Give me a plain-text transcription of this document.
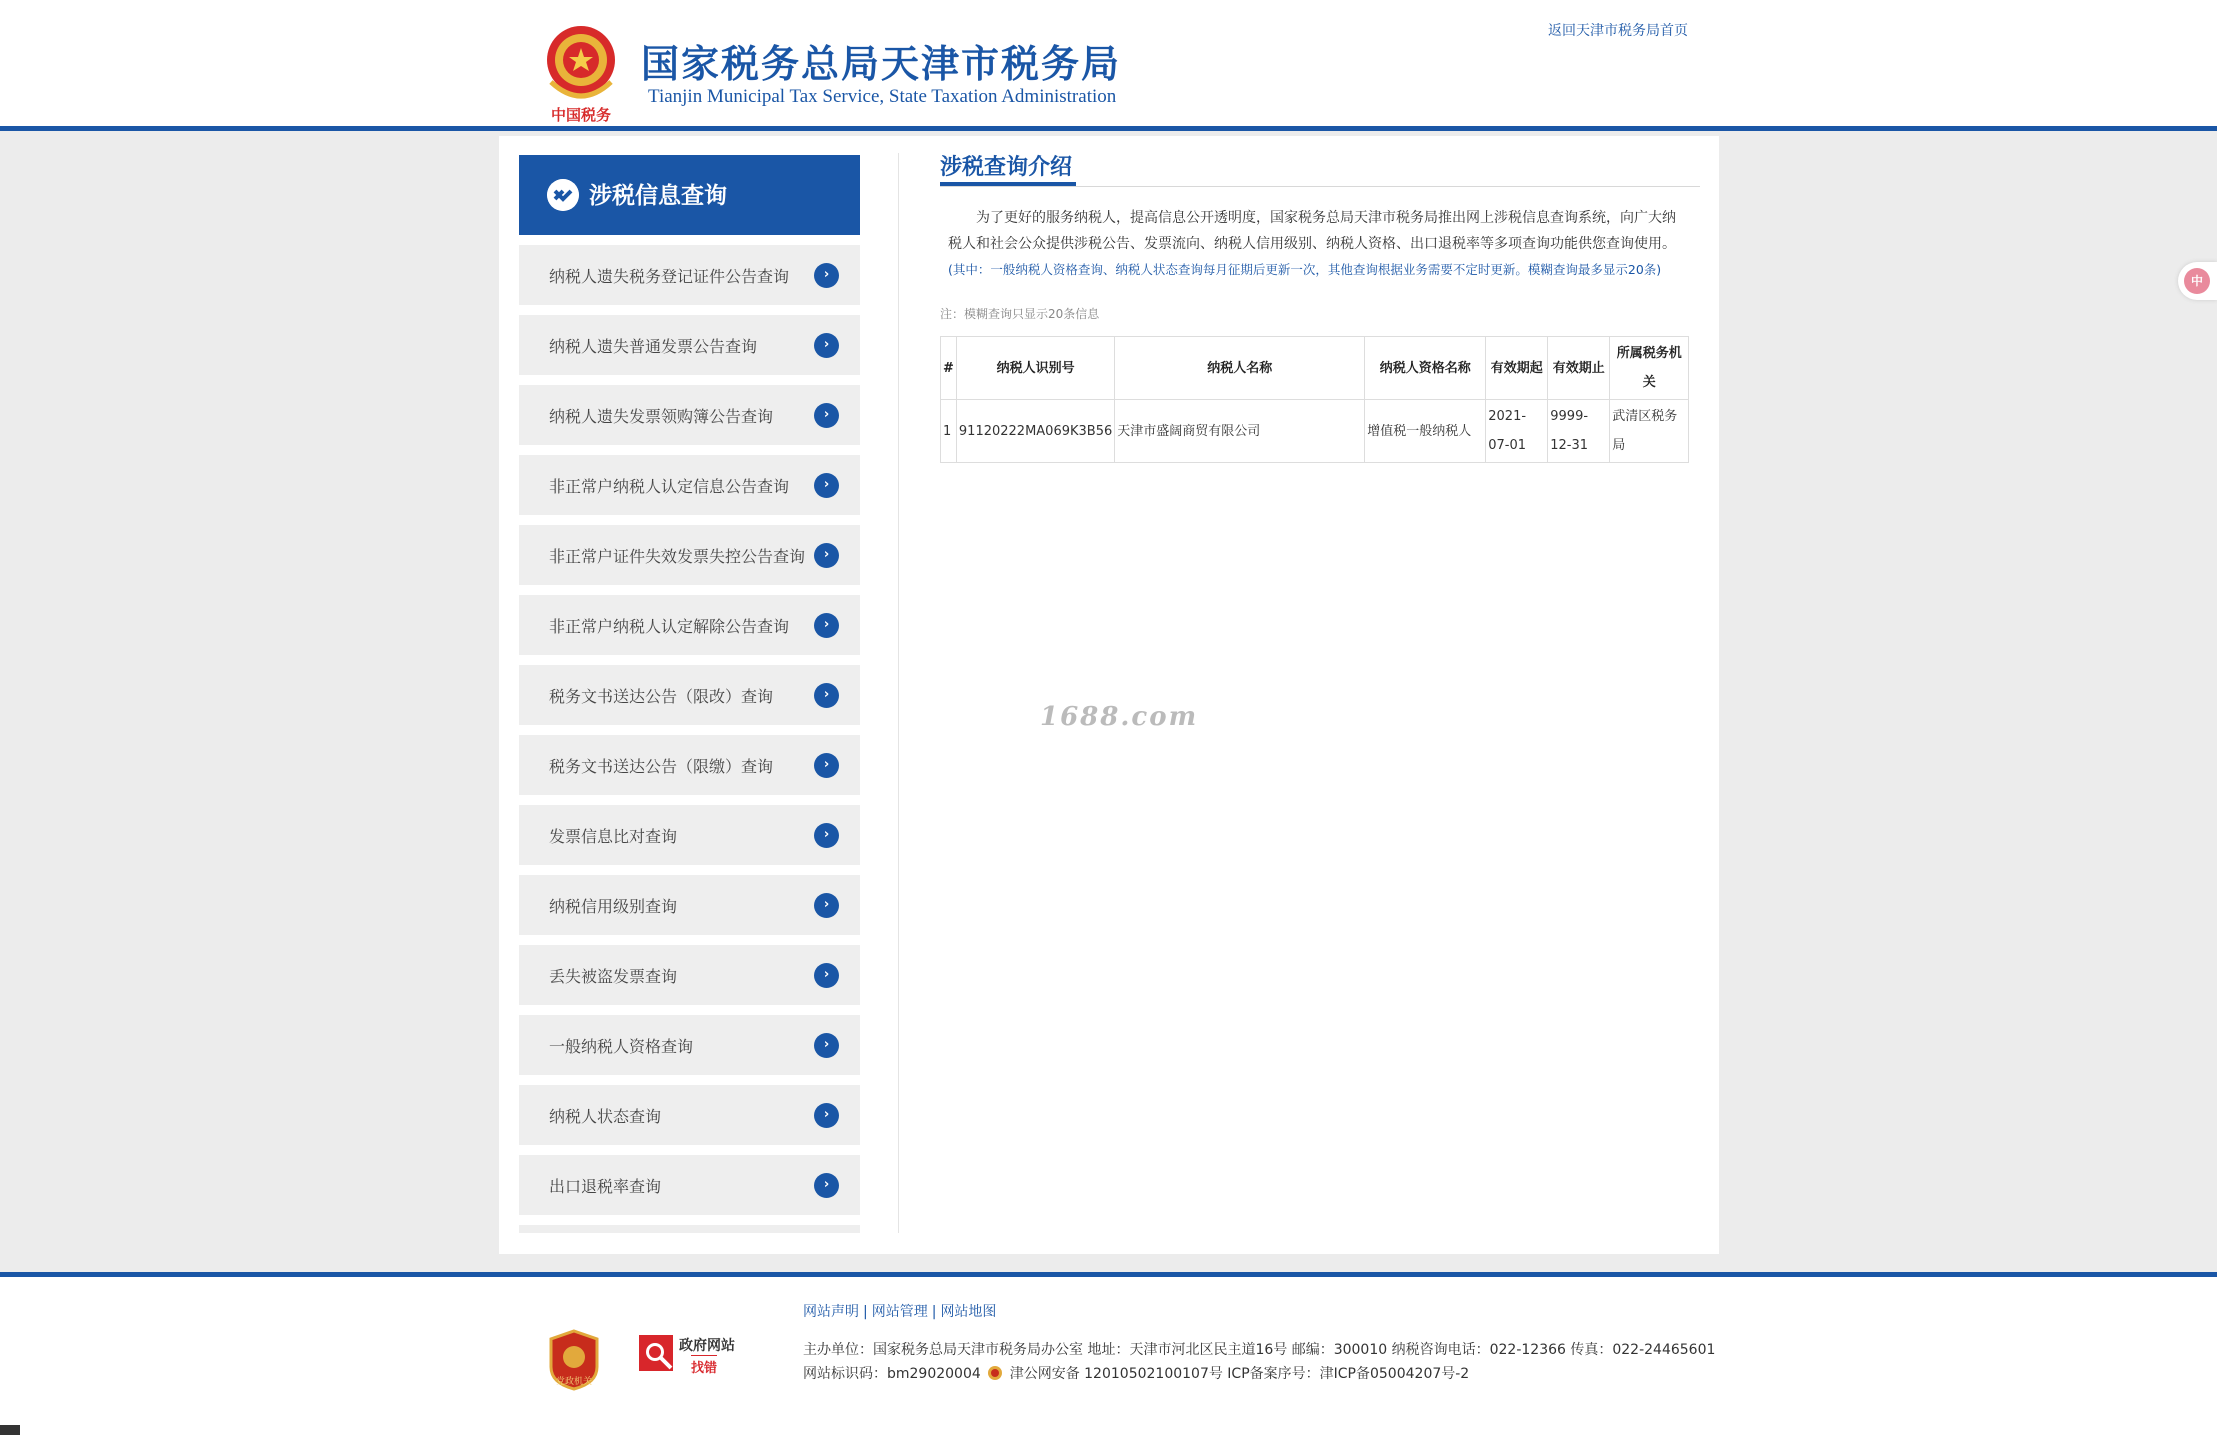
中国税务
国家税务总局天津市税务局
Tianjin Municipal Tax Service, State Taxation Administration
返回天津市税务局首页
涉税信息查询
纳税人遗失税务登记证件公告查询	›
纳税人遗失普通发票公告查询	›
纳税人遗失发票领购簿公告查询	›
非正常户纳税人认定信息公告查询	›
非正常户证件失效发票失控公告查询	›
非正常户纳税人认定解除公告查询	›
税务文书送达公告（限改）查询	›
税务文书送达公告（限缴）查询	›
发票信息比对查询	›
纳税信用级别查询	›
丢失被盗发票查询	›
一般纳税人资格查询	›
纳税人状态查询	›
出口退税率查询	›
涉税查询介绍

为了更好的服务纳税人，提高信息公开透明度，国家税务总局天津市税务局推出网上涉税信息查询系统，向广大纳税人和社会公众提供涉税公告、发票流向、纳税人信用级别、纳税人资格、出口退税率等多项查询功能供您查询使用。

(其中：一般纳税人资格查询、纳税人状态查询每月征期后更新一次，其他查询根据业务需要不定时更新。模糊查询最多显示20条)

注：模糊查询只显示20条信息

#	纳税人识别号	纳税人名称	纳税人资格名称	有效期起	有效期止	所属税务机关
1	91120222MA069K3B56	天津市盛阔商贸有限公司	增值税一般纳税人	2021-07-01	9999-12-31	武清区税务局
1688.com
中
党政机关
政府网站
找错
网站声明 | 网站管理 | 网站地图
主办单位：国家税务总局天津市税务局办公室 地址：天津市河北区民主道16号 邮编：300010 纳税咨询电话：022-12366 传真：022-24465601
网站标识码：bm29020004 津公网安备 12010502100107号 ICP备案序号：津ICP备05004207号-2
